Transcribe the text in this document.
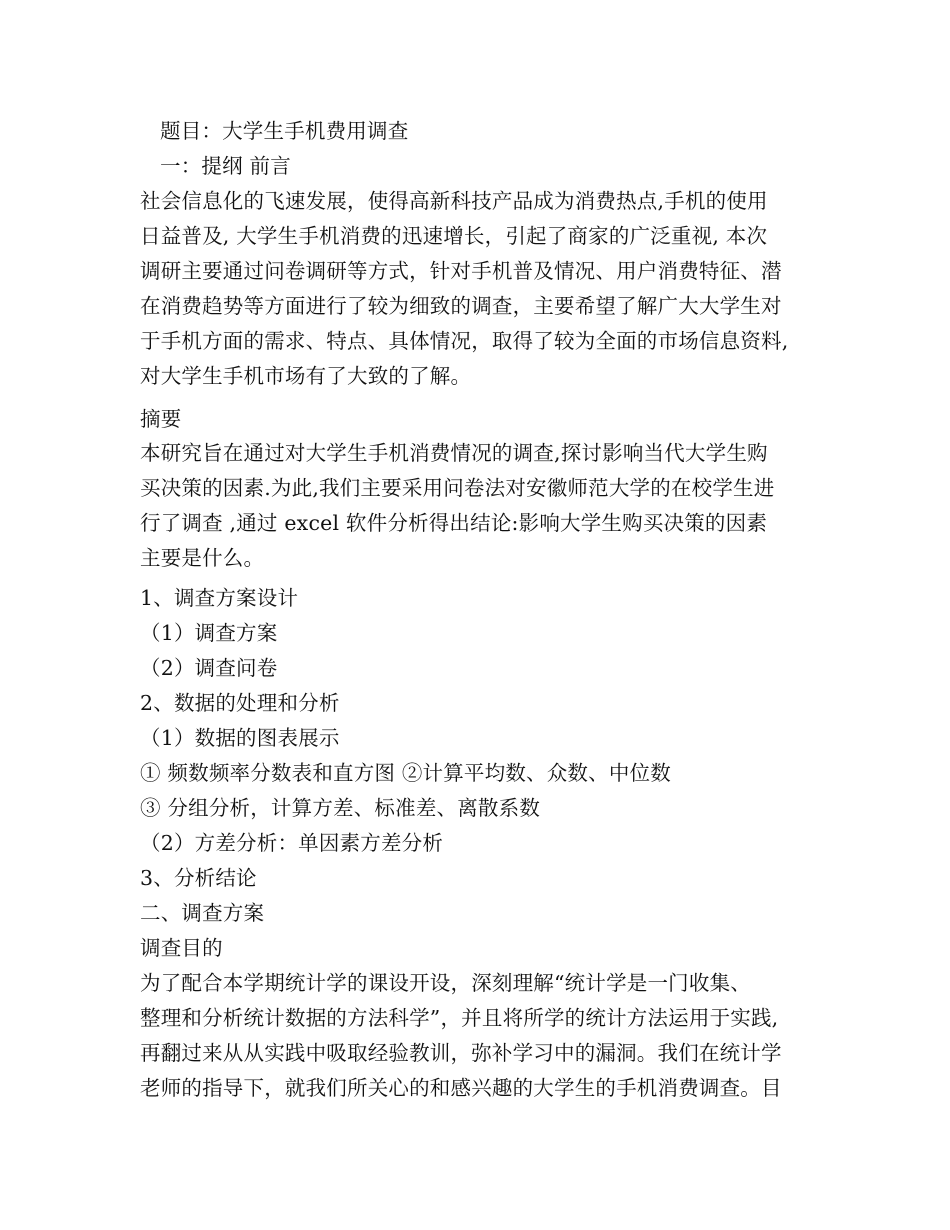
题目：大学生手机费用调查
一：提纲 前言
社会信息化的飞速发展，使得高新科技产品成为消费热点,手机的使用
日益普及, 大学生手机消费的迅速增长，引起了商家的广泛重视, 本次
调研主要通过问卷调研等方式，针对手机普及情况、用户消费特征、潜
在消费趋势等方面进行了较为细致的调查，主要希望了解广大大学生对
于手机方面的需求、特点、具体情况，取得了较为全面的市场信息资料,
对大学生手机市场有了大致的了解。
摘要
本研究旨在通过对大学生手机消费情况的调查,探讨影响当代大学生购
买决策的因素.为此,我们主要采用问卷法对安徽师范大学的在校学生进
行了调查 ,通过 excel 软件分析得出结论:影响大学生购买决策的因素
主要是什么。
1、调查方案设计
（1）调查方案
（2）调查问卷
2、数据的处理和分析
（1）数据的图表展示
① 频数频率分数表和直方图 ②计算平均数、众数、中位数
③ 分组分析，计算方差、标准差、离散系数
（2）方差分析：单因素方差分析
3、分析结论
二、调查方案
调查目的
为了配合本学期统计学的课设开设，深刻理解“统计学是一门收集、
整理和分析统计数据的方法科学”，并且将所学的统计方法运用于实践,
再翻过来从从实践中吸取经验教训，弥补学习中的漏洞。我们在统计学
老师的指导下，就我们所关心的和感兴趣的大学生的手机消费调查。目
